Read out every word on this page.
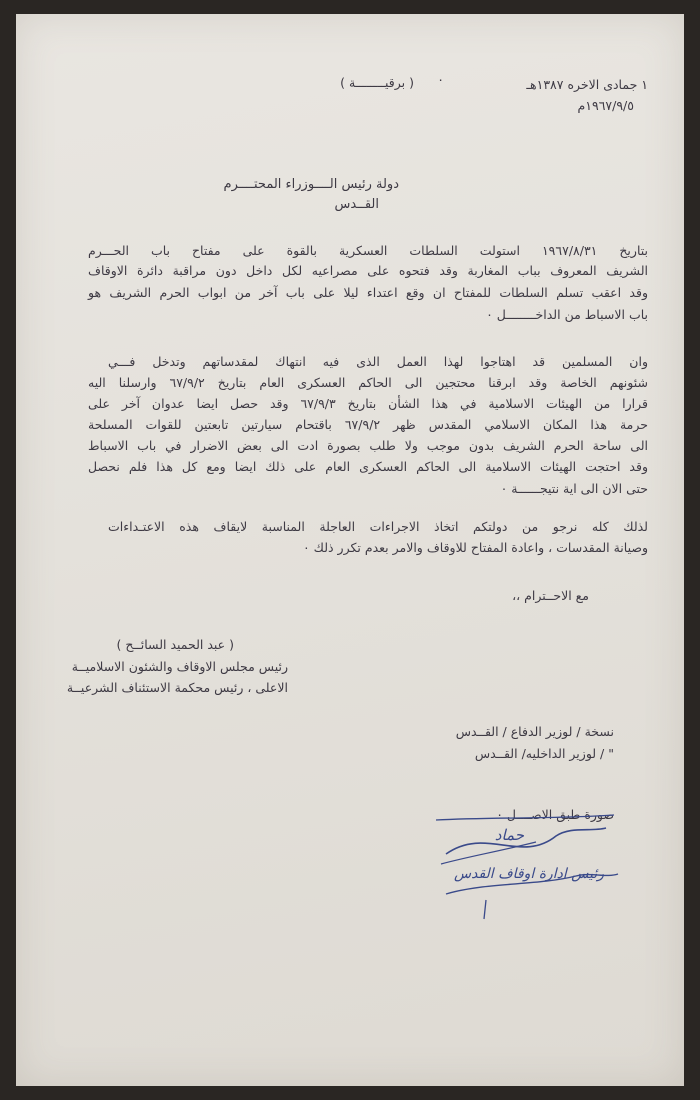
١ جمادى الاخره ١٣٨٧هـ
٠
( برقيــــــــة )
١٩٦٧/٩/٥م
دولة رئيس الــــوزراء المحتــــرم
القــدس
بتاريخ ١٩٦٧/٨/٣١ استولت السلطات العسكرية بالقوة على مفتاح باب الحـــرم
الشريف المعروف بباب المغاربة وقد فتحوه على مصراعيه لكل داخل دون مراقبة دائرة الاوقاف
وقد اعقب تسلم السلطات للمفتاح ان وقع اعتداء ليلا على باب آخر من ابواب الحرم الشريف هو
باب الاسباط من الداخــــــــل ٠
وان المسلمين قد اهتاجوا لهذا العمل الذى فيه انتهاك لمقدساتهم وتدخل فـــي
شئونهم الخاصة وقد ابرقنا محتجين الى الحاكم العسكرى العام بتاريخ ٦٧/٩/٢ وارسلنا اليه
قرارا من الهيئات الاسلامية في هذا الشأن بتاريخ ٦٧/٩/٣ وقد حصل ايضا عدوان آخر على
حرمة هذا المكان الاسلامي المقدس ظهر ٦٧/٩/٢ باقتحام سيارتين تابعتين للقوات المسلحة
الى ساحة الحرم الشريف بدون موجب ولا طلب بصورة ادت الى بعض الاضرار في باب الاسباط
وقد احتجت الهيئات الاسلامية الى الحاكم العسكرى العام على ذلك ايضا ومع كل هذا فلم نحصل
حتى الان الى اية نتيجــــــة ٠
لذلك كله نرجو من دولتكم اتخاذ الاجراءات العاجلة المناسبة لايقاف هذه الاعتـداءات
وصيانة المقدسات ، واعادة المفتاح للاوقاف والامر بعدم تكرر ذلك ٠
مع الاحــترام ،،
( عبد الحميد السائــح )
رئيس مجلس الاوقاف والشئون الاسلاميــة
الاعلى ، رئيس محكمة الاستئناف الشرعيــة
نسخة / لوزير الدفاع / القــدس
" / لوزير الداخليه/ القــدس
صورة طبق الاصــــل ٠
حماد
رئيس ادارة اوقاف القدس
